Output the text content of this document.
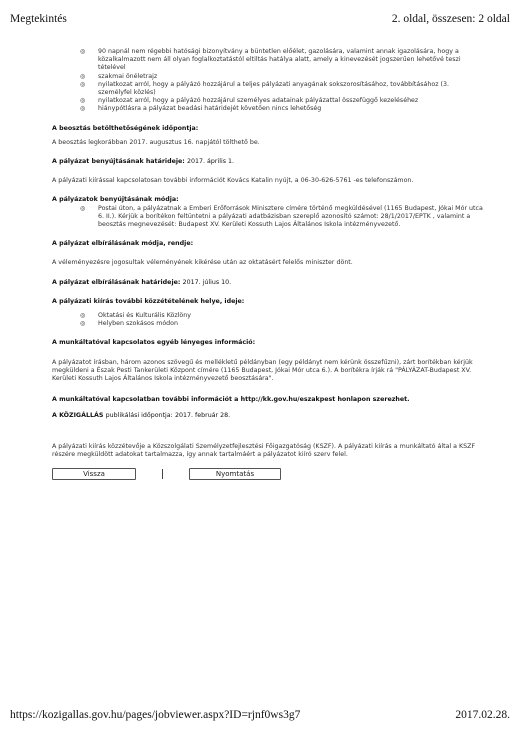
Megtekintés	2. oldal, összesen: 2 oldal
◎	90 napnál nem régebbi hatósági bizonyítvány a büntetlen előélet, gazolására, valamint annak igazolására, hogy a közalkalmazott nem áll olyan foglalkoztatástól eltiltás hatálya alatt, amely a kinevezését jogszerűen lehetővé teszi tételével
◎	szakmai önéletrajz
◎	nyilatkozat arról, hogy a pályázó hozzájárul a teljes pályázati anyagának sokszorosításához, továbbításához (3. személyfel közlés)
◎	nyilatkozat arról, hogy a pályázó hozzájárul személyes adatainak pályázattal összefüggő kezeléséhez
◎	hiánypótlásra a pályázat beadási határidejét követően nincs lehetőség
A beosztás betölthetőségének időpontja:
A beosztás legkorábban 2017. augusztus 16. napjától tölthető be.
A pályázat benyújtásának határideje: 2017. április 1.
A pályázati kiírással kapcsolatosan további információt Kovács Katalin nyújt, a 06-30-626-5761 -es telefonszámon.
A pályázatok benyújtásának módja:
◎	Postai úton, a pályázatnak a Emberi Erőforrások Minisztere címére történő megküldésével (1165 Budapest, Jókai Mór utca 6. II.). Kérjük a borítékon feltüntetni a pályázati adatbázisban szereplő azonosító számot: 28/1/2017/EPTK , valamint a beosztás megnevezését: Budapest XV. Kerületi Kossuth Lajos Általános Iskola intézményvezető.
A pályázat elbírálásának módja, rendje:
A véleményezésre jogosultak véleményének kikérése után az oktatásért felelős miniszter dönt.
A pályázat elbírálásának határideje: 2017. július 10.
A pályázati kiírás további közzétételének helye, ideje:
◎	Oktatási és Kulturális Közlöny
◎	Helyben szokásos módon
A munkáltatóval kapcsolatos egyéb lényeges információ:
A pályázatot írásban, három azonos szövegű és mellékletű példányban (egy példányt nem kérünk összefűzni), zárt borítékban kérjük megküldeni a Észak Pesti Tankerületi Központ címére (1165 Budapest, Jókai Mór utca 6.). A borítékra írják rá "PÁLYÁZAT-Budapest XV. Kerületi Kossuth Lajos Általános Iskola intézményvezető beosztására".
A munkáltatóval kapcsolatban további információt a http://kk.gov.hu/eszakpest honlapon szerezhet.
A KÖZIGÁLLÁS publikálási időpontja: 2017. február 28.
A pályázati kiírás közzétevője a Közszolgálati Személyzetfejlesztési Főigazgatóság (KSZF). A pályázati kiírás a munkáltató által a KSZF részére megküldött adatokat tartalmazza, így annak tartalmáért a pályázatot kiíró szerv felel.
Vissza	Nyomtatás
https://kozigallas.gov.hu/pages/jobviewer.aspx?ID=rjnf0ws3g7	2017.02.28.
